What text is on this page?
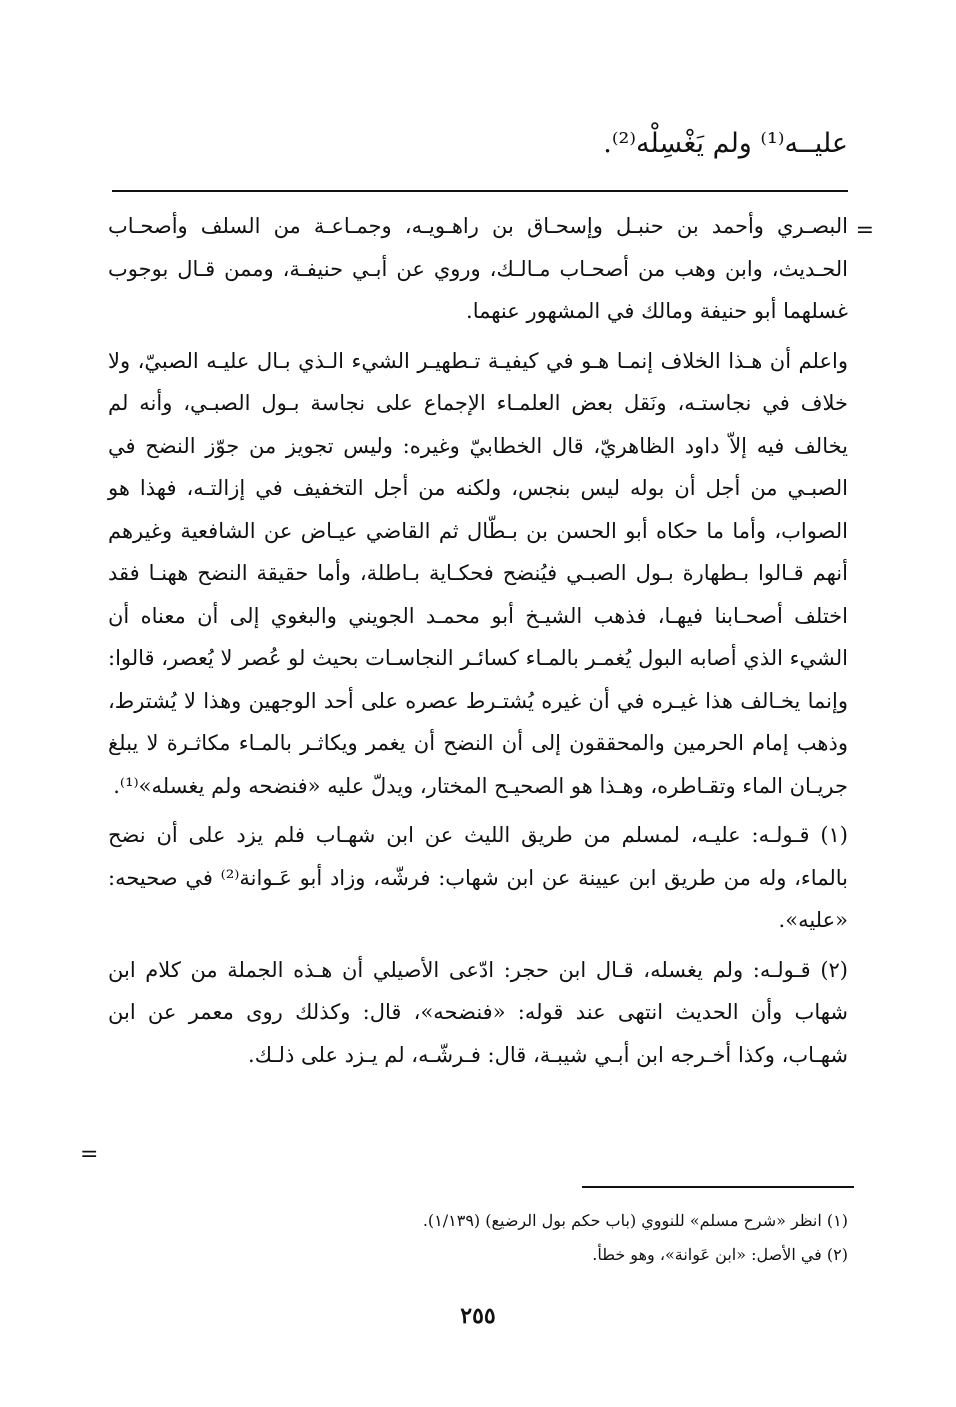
عليــه⁽¹⁾ ولم يَغْسِلْه⁽²⁾.
=

البصـري وأحمد بن حنبـل وإسحـاق بن راهـويـه، وجمـاعـة من السلف وأصحـاب الحـديث، وابن وهب من أصحـاب مـالـك، وروي عن أبـي حنيفـة، وممن قـال بوجوب غسلهما أبو حنيفة ومالك في المشهور عنهما.

واعلم أن هـذا الخلاف إنمـا هـو في كيفيـة تـطهيـر الشيء الـذي بـال عليـه الصبيّ، ولا خلاف في نجاستـه، ونَقل بعض العلمـاء الإجماع على نجاسة بـول الصبـي، وأنه لم يخالف فيه إلاّ داود الظاهريّ، قال الخطابيّ وغيره: وليس تجويز من جوّز النضح في الصبـي من أجل أن بوله ليس بنجس، ولكنه من أجل التخفيف في إزالتـه، فهذا هو الصواب، وأما ما حكاه أبو الحسن بن بـطّال ثم القاضي عيـاض عن الشافعية وغيرهم أنهم قـالوا بـطهارة بـول الصبـي فيُنضح فحكـاية بـاطلة، وأما حقيقة النضح ههنـا فقد اختلف أصحـابنا فيهـا، فذهب الشيـخ أبو محمـد الجويني والبغوي إلى أن معناه أن الشيء الذي أصابه البول يُغمـر بالمـاء كسائـر النجاسـات بحيث لو عُصر لا يُعصر، قالوا: وإنما يخـالف هذا غيـره في أن غيره يُشتـرط عصره على أحد الوجهين وهذا لا يُشترط، وذهب إمام الحرمين والمحققون إلى أن النضح أن يغمر ويكاثـر بالمـاء مكاثـرة لا يبلغ جريـان الماء وتقـاطره، وهـذا هو الصحيـح المختار، ويدلّ عليه «فنضحه ولم يغسله»⁽¹⁾.

(١) قـولـه: عليـه، لمسلم من طريق الليث عن ابن شهـاب فلم يزد على أن نضح بالماء، وله من طريق ابن عيينة عن ابن شهاب: فرشّه، وزاد أبو عَـوانة⁽²⁾ في صحيحه: «عليه».

(٢) قـولـه: ولم يغسله، قـال ابن حجر: ادّعى الأصيلي أن هـذه الجملة من كلام ابن شهاب وأن الحديث انتهى عند قوله: «فنضحه»، قال: وكذلك روى معمر عن ابن شهـاب، وكذا أخـرجه ابن أبـي شيبـة، قال: فـرشّـه، لم يـزد على ذلـك.

=

(١) انظر «شرح مسلم» للنووي (باب حكم بول الرضيع) (١/١٣٩).

(٢) في الأصل: «ابن عَوانة»، وهو خطأ.

٢٥٥
